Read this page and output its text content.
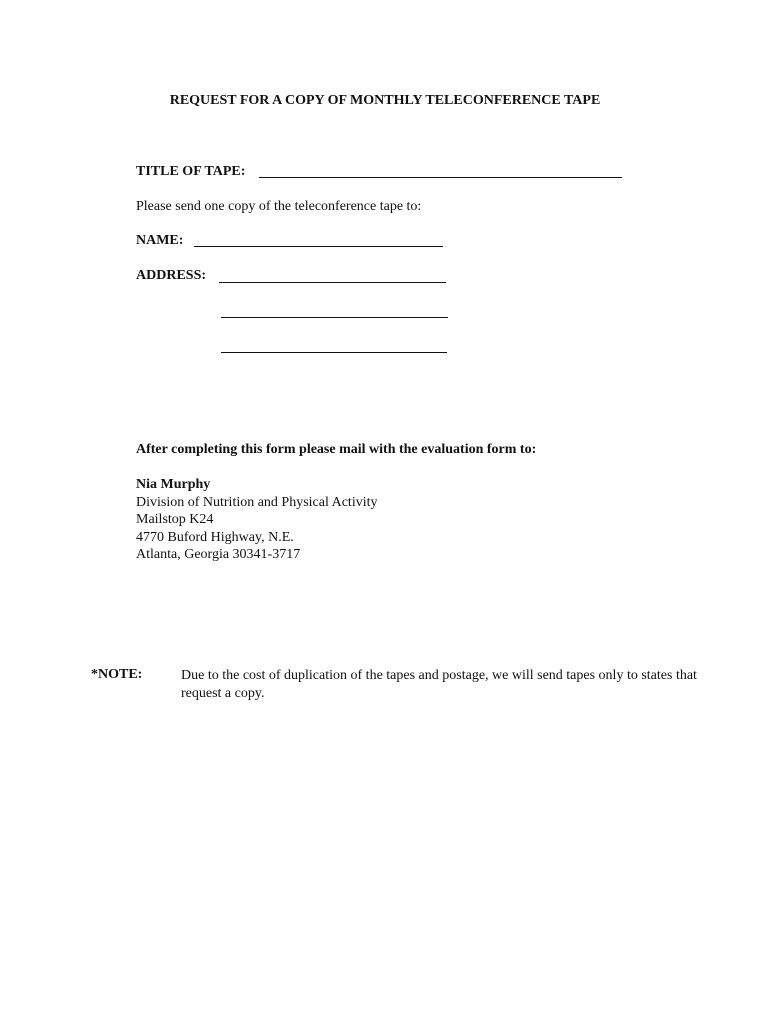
REQUEST FOR A COPY OF MONTHLY TELECONFERENCE TAPE
TITLE OF TAPE:
Please send one copy of the teleconference tape to:
NAME:
ADDRESS:
After completing this form please mail with the evaluation form to:
Nia Murphy
Division of Nutrition and Physical Activity
Mailstop K24
4770 Buford Highway, N.E.
Atlanta, Georgia 30341-3717
*NOTE:	Due to the cost of duplication of the tapes and postage, we will send tapes only to states that request a copy.
